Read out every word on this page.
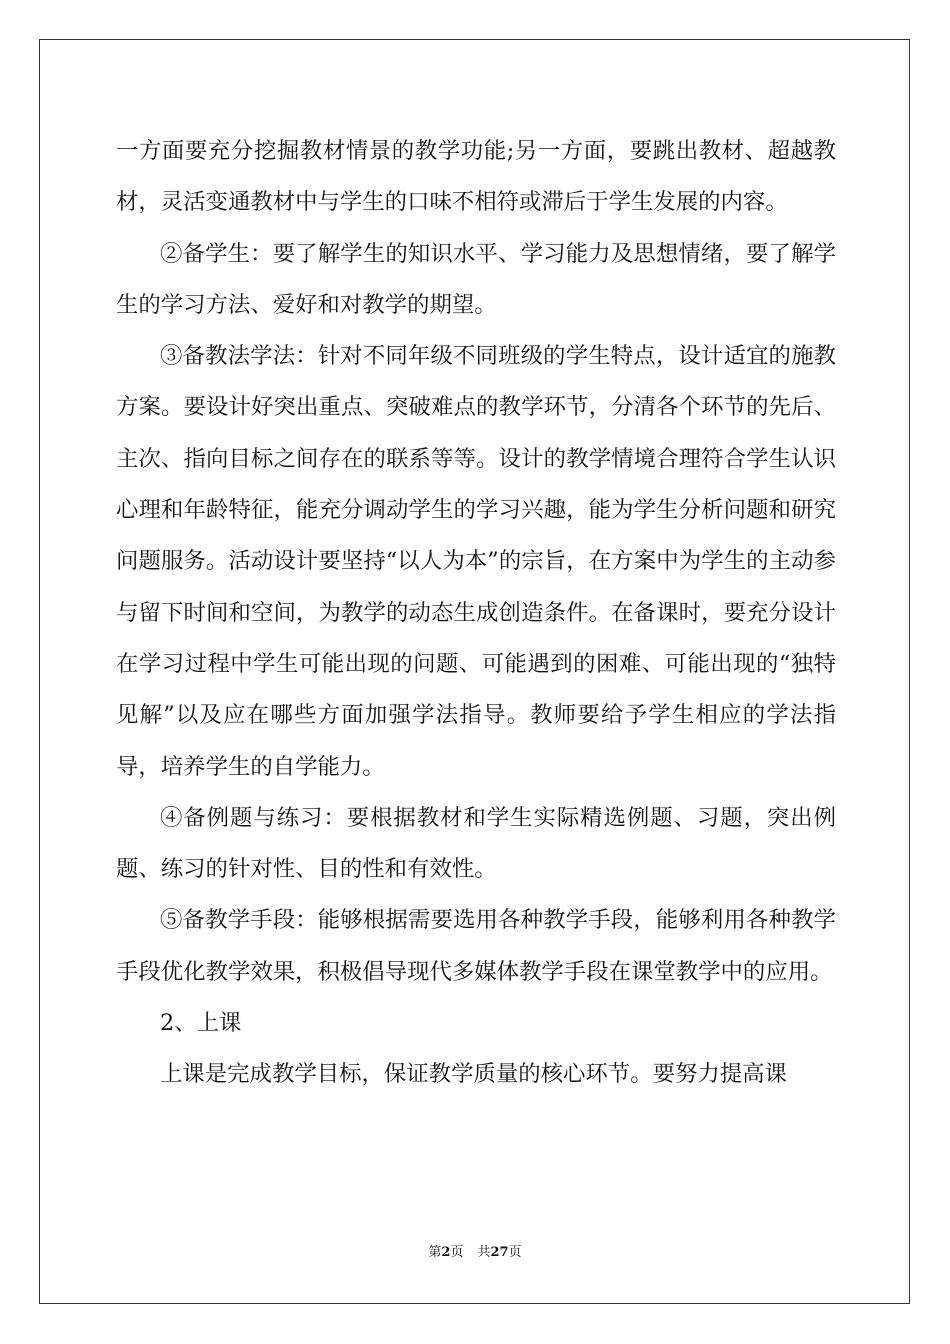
一方面要充分挖掘教材情景的教学功能;另一方面，要跳出教材、超越教材，灵活变通教材中与学生的口味不相符或滞后于学生发展的内容。

②备学生：要了解学生的知识水平、学习能力及思想情绪，要了解学生的学习方法、爱好和对教学的期望。

③备教法学法：针对不同年级不同班级的学生特点，设计适宜的施教方案。要设计好突出重点、突破难点的教学环节，分清各个环节的先后、主次、指向目标之间存在的联系等等。设计的教学情境合理符合学生认识心理和年龄特征，能充分调动学生的学习兴趣，能为学生分析问题和研究问题服务。活动设计要坚持“以人为本”的宗旨，在方案中为学生的主动参与留下时间和空间，为教学的动态生成创造条件。在备课时，要充分设计在学习过程中学生可能出现的问题、可能遇到的困难、可能出现的“独特见解”以及应在哪些方面加强学法指导。教师要给予学生相应的学法指导，培养学生的自学能力。

④备例题与练习：要根据教材和学生实际精选例题、习题，突出例题、练习的针对性、目的性和有效性。

⑤备教学手段：能够根据需要选用各种教学手段，能够利用各种教学手段优化教学效果，积极倡导现代多媒体教学手段在课堂教学中的应用。

2、上课

上课是完成教学目标，保证教学质量的核心环节。要努力提高课

第2页 共27页
